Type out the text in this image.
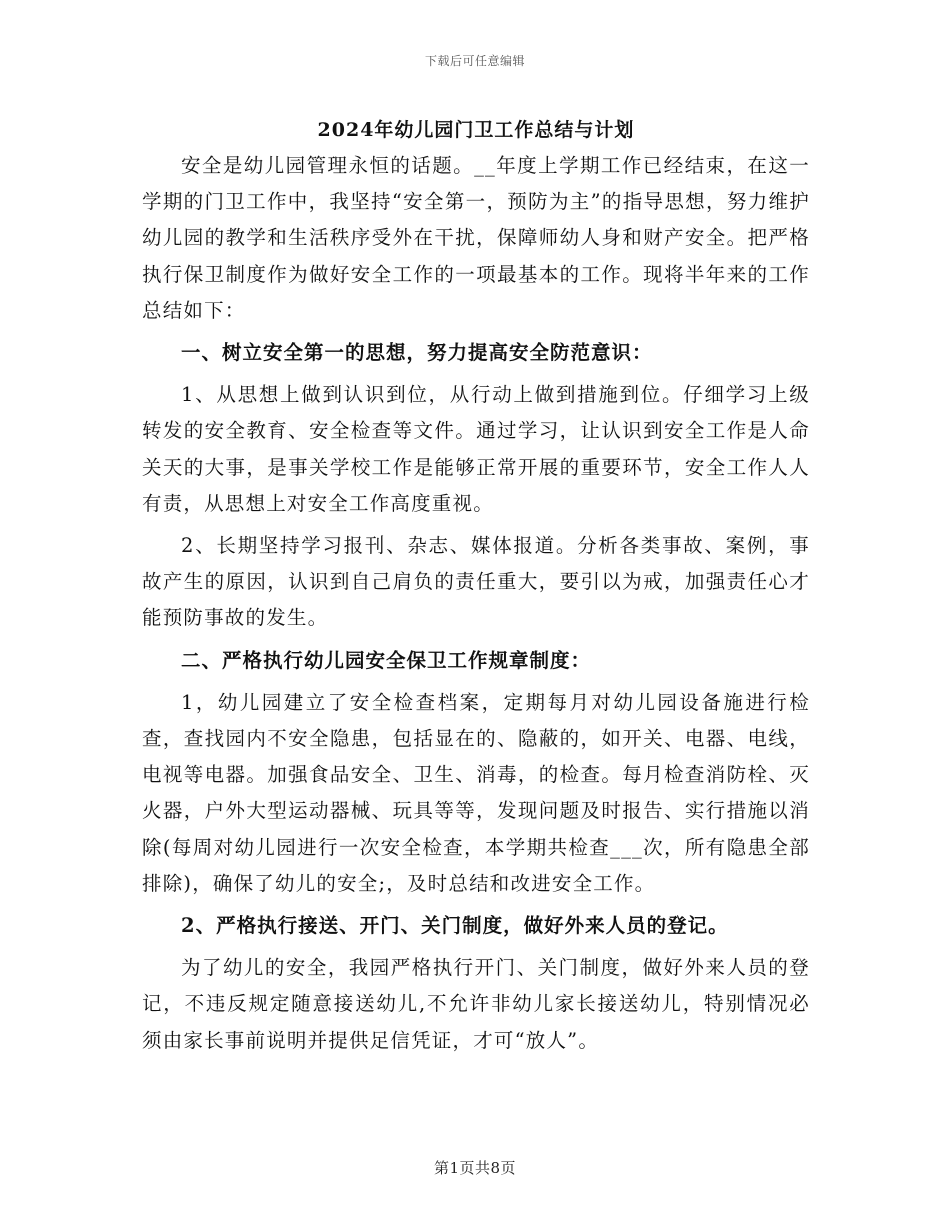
下载后可任意编辑
2024年幼儿园门卫工作总结与计划

安全是幼儿园管理永恒的话题。__年度上学期工作已经结束，在这一学期的门卫工作中，我坚持“安全第一，预防为主”的指导思想，努力维护幼儿园的教学和生活秩序受外在干扰，保障师幼人身和财产安全。把严格执行保卫制度作为做好安全工作的一项最基本的工作。现将半年来的工作总结如下：

一、树立安全第一的思想，努力提高安全防范意识：

1、从思想上做到认识到位，从行动上做到措施到位。仔细学习上级转发的安全教育、安全检查等文件。通过学习，让认识到安全工作是人命关天的大事，是事关学校工作是能够正常开展的重要环节，安全工作人人有责，从思想上对安全工作高度重视。

2、长期坚持学习报刊、杂志、媒体报道。分析各类事故、案例，事故产生的原因，认识到自己肩负的责任重大，要引以为戒，加强责任心才能预防事故的发生。

二、严格执行幼儿园安全保卫工作规章制度：

1，幼儿园建立了安全检查档案，定期每月对幼儿园设备施进行检查，查找园内不安全隐患，包括显在的、隐蔽的，如开关、电器、电线，电视等电器。加强食品安全、卫生、消毒，的检查。每月检查消防栓、灭火器，户外大型运动器械、玩具等等，发现问题及时报告、实行措施以消除(每周对幼儿园进行一次安全检查，本学期共检查___次，所有隐患全部排除)，确保了幼儿的安全;，及时总结和改进安全工作。

2、严格执行接送、开门、关门制度，做好外来人员的登记。

为了幼儿的安全，我园严格执行开门、关门制度，做好外来人员的登记，不违反规定随意接送幼儿,不允许非幼儿家长接送幼儿，特别情况必须由家长事前说明并提供足信凭证，才可“放人”。

第1页共8页
